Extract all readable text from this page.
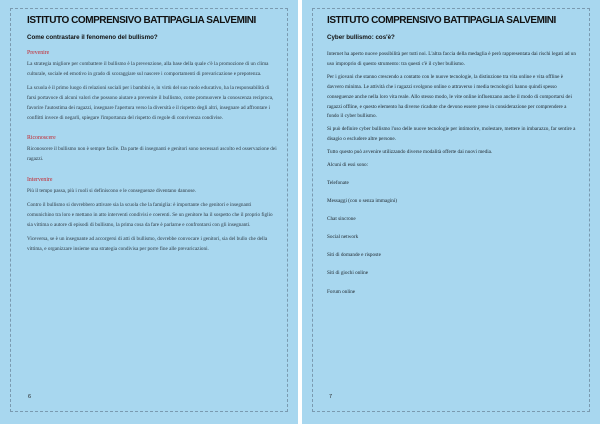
ISTITUTO COMPRENSIVO BATTIPAGLIA SALVEMINI
Come contrastare il fenomeno del bullismo?
Prevenire
La strategia migliore per combattere il bullismo è la prevenzione, alla base della quale c'è la promozione di un clima culturale, sociale ed emotivo in grado di scoraggiare sul nascere i comportamenti di prevaricazione e prepotenza.
La scuola è il primo luogo di relazioni sociali per i bambini e, in virtù del suo ruolo educativo, ha la responsabilità di farsi portavoce di alcuni valori che possono aiutare a prevenire il bullismo, come promuovere la conoscenza reciproca, favorire l'autostima dei ragazzi, insegnare l'apertura verso la diversità e il rispetto degli altri, insegnare ad affrontare i conflitti invece di negarli, spiegare l'importanza del rispetto di regole di convivenza condivise.
Riconoscere
Riconoscere il bullismo non è sempre facile. Da parte di insegnanti e genitori sono necessari ascolto ed osservazione dei ragazzi.
Intervenire
Più il tempo passa, più i ruoli si definiscono e le conseguenze diventano dannose.
Contro il bullismo si dovrebbero attivare sia la scuola che la famiglia: è importante che genitori e insegnanti comunichino tra loro e mettano in atto interventi condivisi e coerenti. Se un genitore ha il sospetto che il proprio figlio sia vittima o autore di episodi di bullismo, la prima cosa da fare è parlarne e confrontarsi con gli insegnanti.
Viceversa, se è un insegnante ad accorgersi di atti di bullismo, dovrebbe convocare i genitori, sia del bullo che della vittima, e organizzare insieme una strategia condivisa per porre fine alle prevaricazioni.
6
ISTITUTO COMPRENSIVO BATTIPAGLIA SALVEMINI
Cyber bullismo: cos'è?
Internet ha aperto nuove possibilità per tutti noi. L'altra faccia della medaglia è però rappresentata dai rischi legati ad un uso improprio di questo strumento: tra questi c'è il cyber bullismo.
Per i giovani che stanno crescendo a contatto con le nuove tecnologie, la distinzione tra vita online e vita offline è davvero minima. Le attività che i ragazzi svolgono online o attraverso i media tecnologici hanno quindi spesso conseguenze anche nella loro vita reale. Allo stesso modo, le vite online influenzano anche il modo di comportarsi dei ragazzi offline, e questo elemento ha diverse ricadute che devono essere prese in considerazione per comprendere a fondo il cyber bullismo.
Si può definire cyber bullismo l'uso delle nuove tecnologie per intimorire, molestare, mettere in imbarazzo, far sentire a disagio o escludere altre persone.
Tutto questo può avvenire utilizzando diverse modalità offerte dai nuovi media.
Alcuni di essi sono:
Telefonate
Messaggi (con o senza immagini)
Chat sincrone
Social network
Siti di domande e risposte
Siti di giochi online
Forum online
7
